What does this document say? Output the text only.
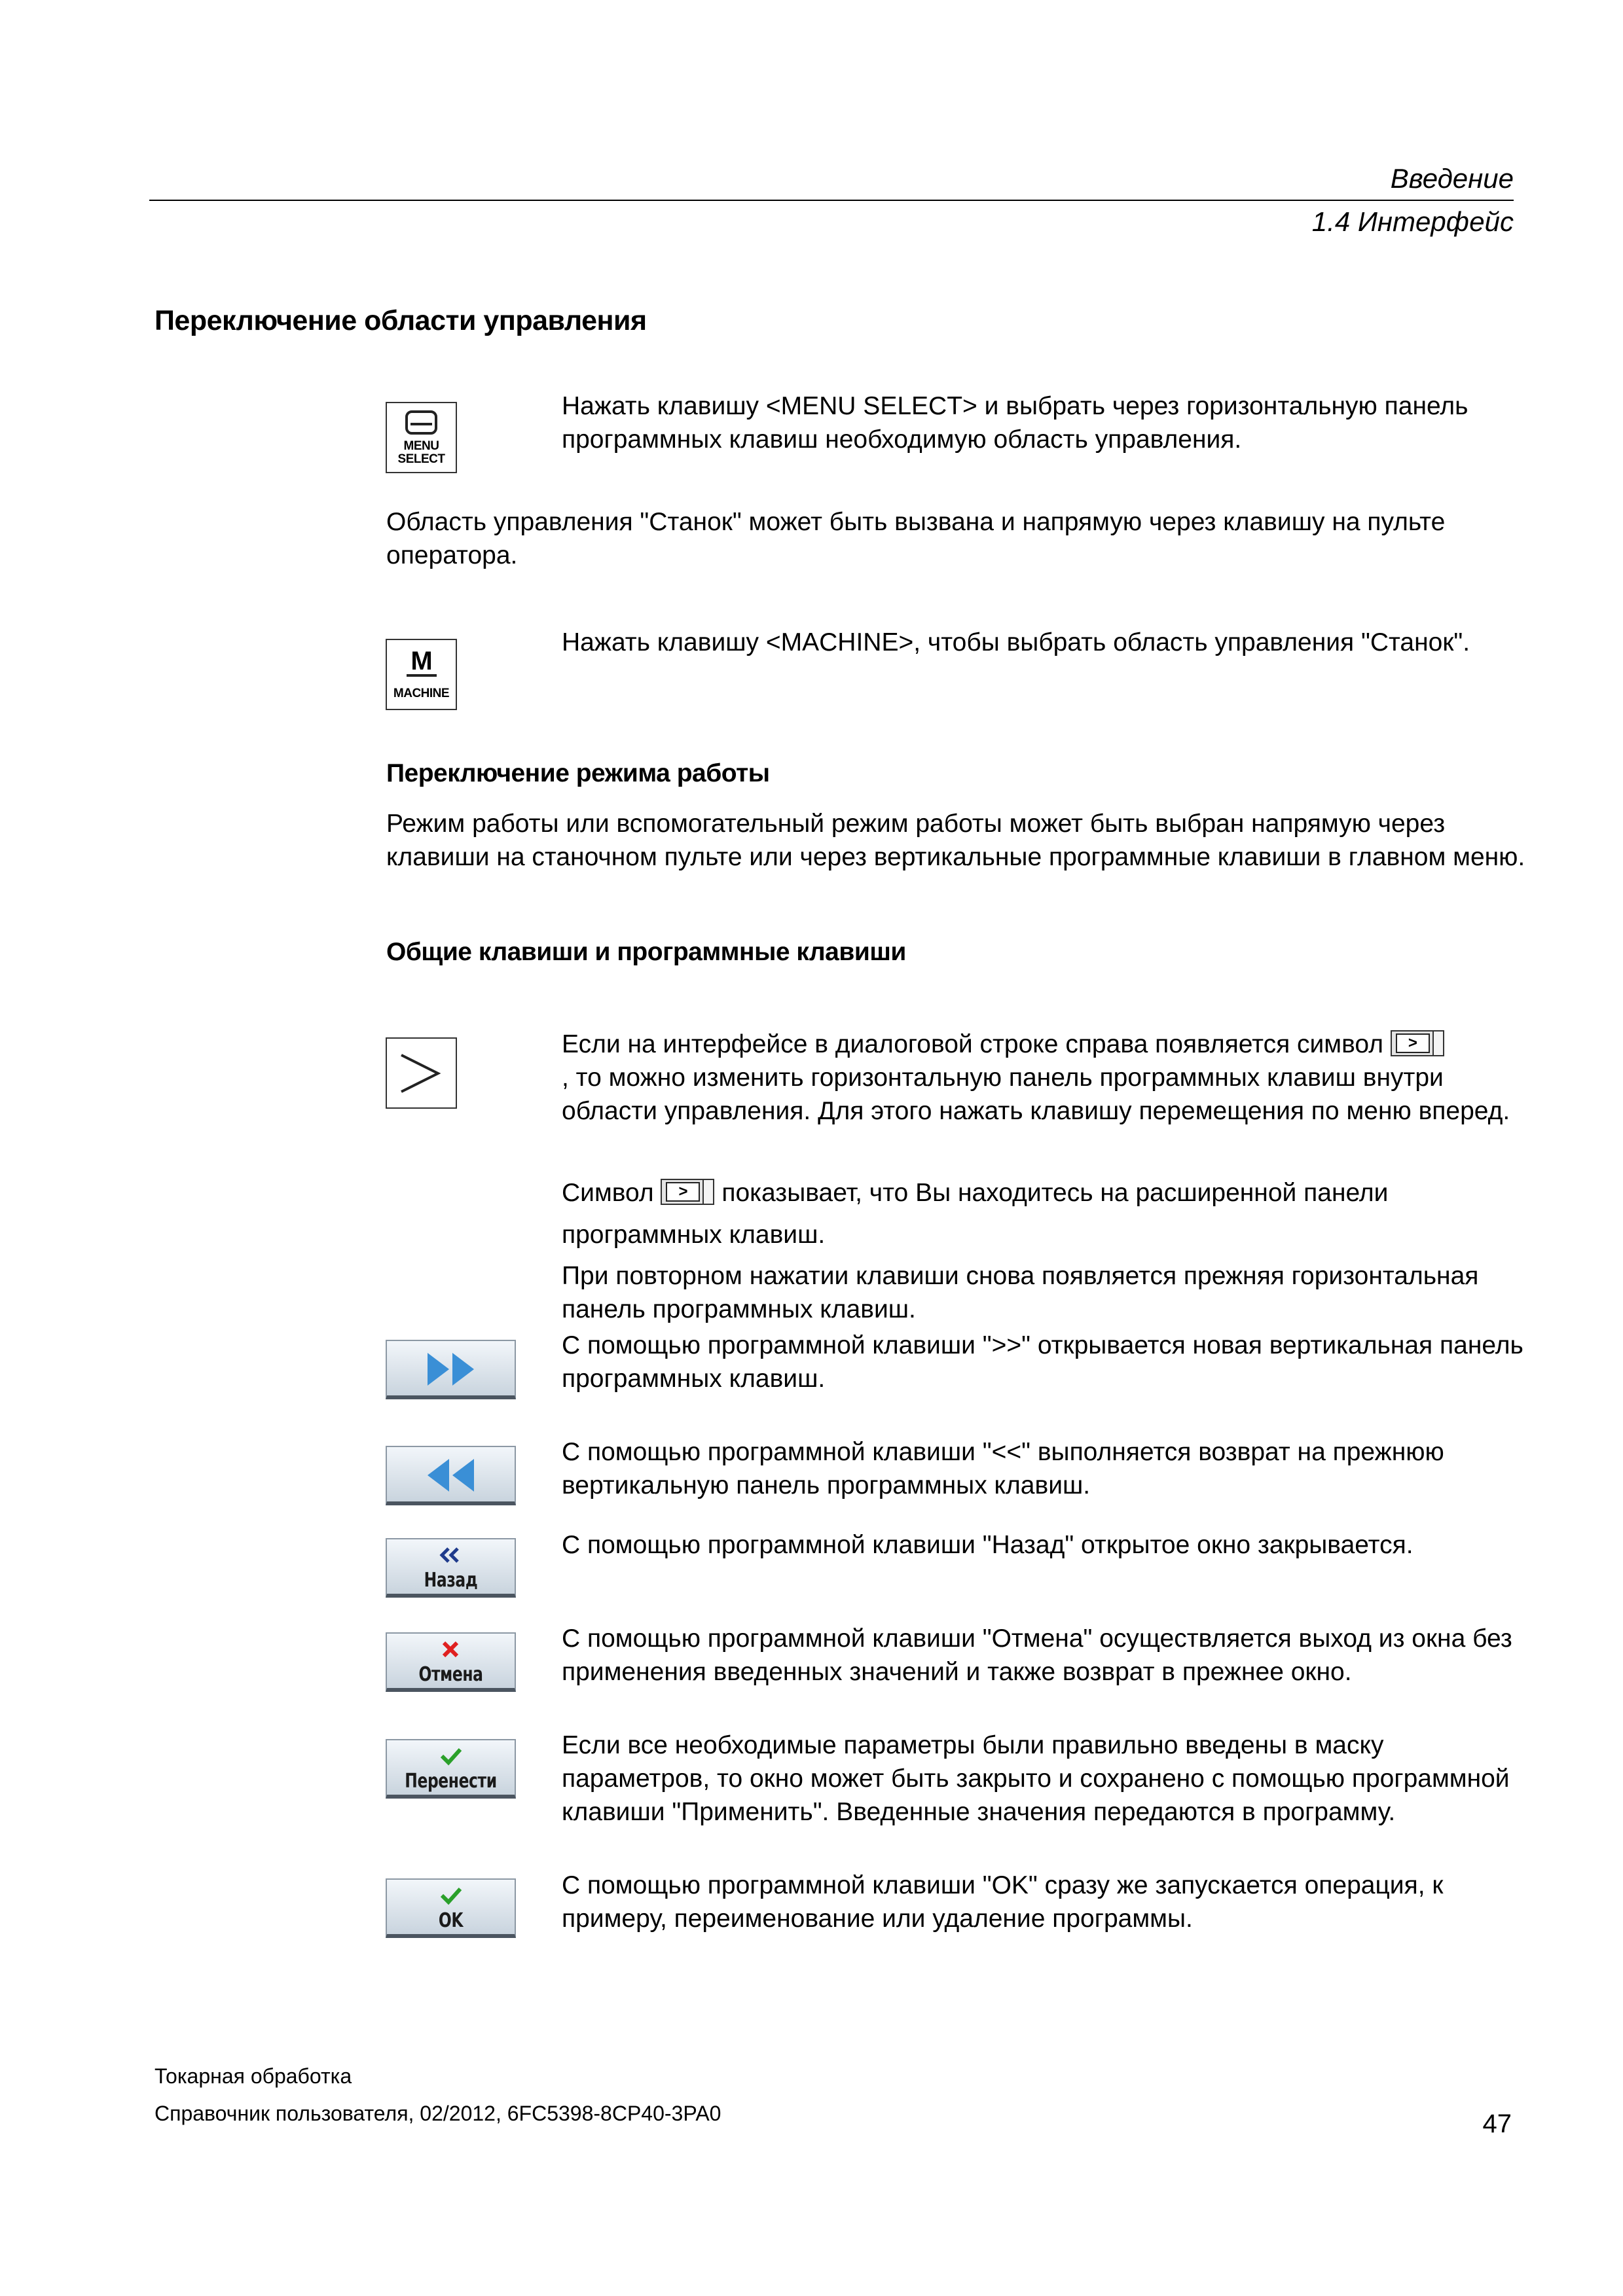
Введение
1.4 Интерфейс
Переключение области управления
MENU
SELECT
Нажать клавишу <MENU SELECT> и выбрать через горизонтальную панель программных клавиш необходимую область управления.
Область управления "Станок" может быть вызвана и напрямую через клавишу на пульте оператора.
M
MACHINE
Нажать клавишу <MACHINE>, чтобы выбрать область управления "Станок".
Переключение режима работы
Режим работы или вспомогательный режим работы может быть выбран напрямую через клавиши на станочном пульте или через вертикальные программные клавиши в главном меню.
Общие клавиши и программные клавиши
Если на интерфейсе в диалоговой строке справа появляется символ	>

, то можно изменить горизонтальную панель программных клавиш внутри области управления. Для этого нажать клавишу перемещения по меню вперед.
Символ	>	показывает, что Вы находитесь на расширенной панели программных клавиш.
При повторном нажатии клавиши снова появляется прежняя горизонтальная панель программных клавиш.
С помощью программной клавиши ">>" открывается новая вертикальная панель программных клавиш.
С помощью программной клавиши "<<" выполняется возврат на прежнюю вертикальную панель программных клавиш.
Назад
С помощью программной клавиши "Назад" открытое окно закрывается.
Отмена
С помощью программной клавиши "Отмена" осуществляется выход из окна без применения введенных значений и также возврат в прежнее окно.
Перенести
Если все необходимые параметры были правильно введены в маску параметров, то окно может быть закрыто и сохранено с помощью программной клавиши "Применить". Введенные значения передаются в программу.
OK
С помощью программной клавиши "OK" сразу же запускается операция, к примеру, переименование или удаление программы.
Токарная обработка
Справочник пользователя, 02/2012, 6FC5398-8CP40-3PA0	47
